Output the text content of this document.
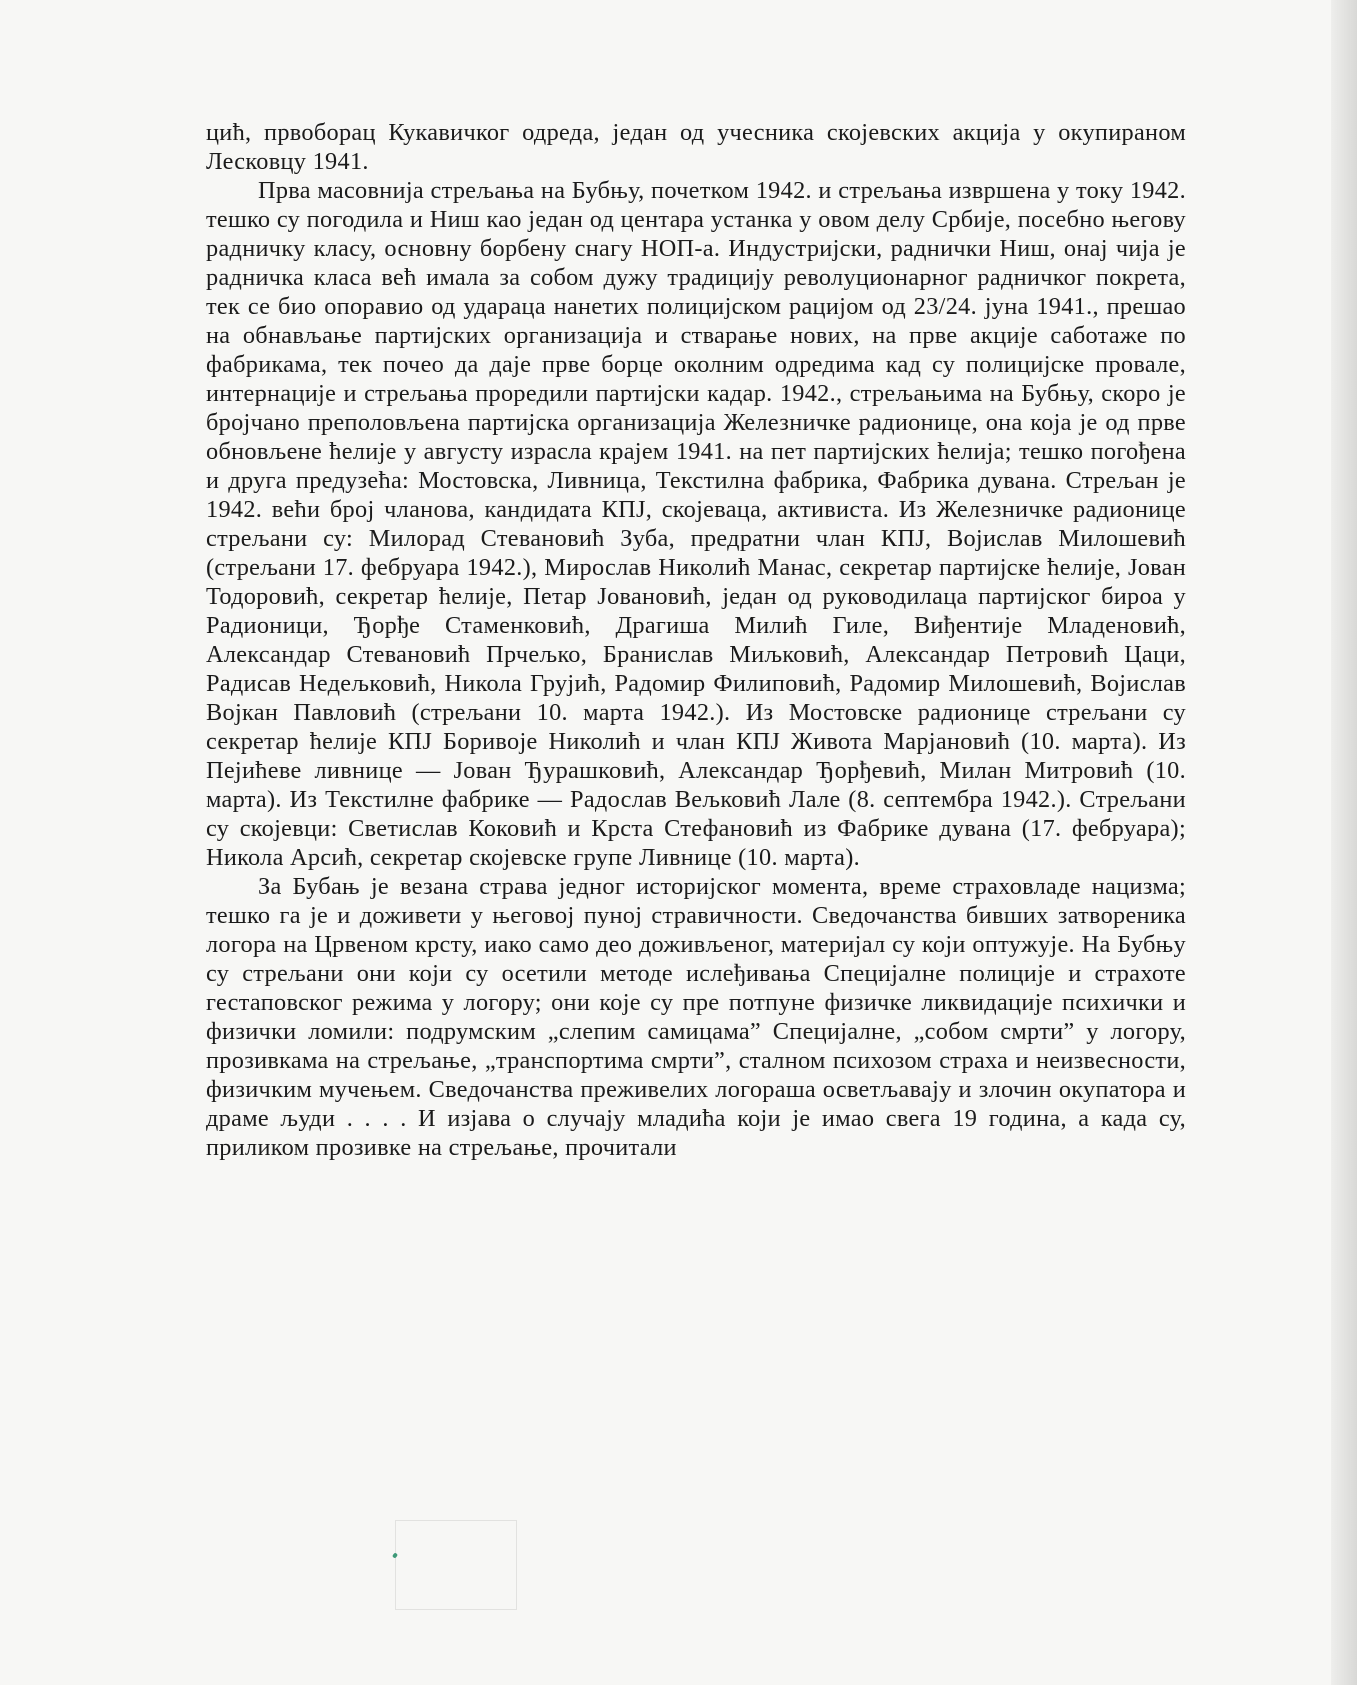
цић, првоборац Кукавичког одреда, један од учесника скојевских акција у окупираном Лесковцу 1941.

Прва масовнија стрељања на Бубњу, почетком 1942. и стрељања извршена у току 1942. тешко су погодила и Ниш као један од центара устанка у овом делу Србије, посебно његову радничку класу, основну борбену снагу НОП-а. Индустријски, раднички Ниш, онај чија је радничка класа већ имала за собом дужу традицију револуционарног радничког покрета, тек се био опоравио од удараца нанетих полицијском рацијом од 23/24. јуна 1941., прешао на обнављање партијских организација и стварање нових, на прве акције саботаже по фабрикама, тек почео да даје прве борце околним одредима кад су полицијске провале, интернације и стрељања проредили партијски кадар. 1942., стрељањима на Бубњу, скоро је бројчано преполовљена партијска организација Железничке радионице, она која је од прве обновљене ћелије у августу израсла крајем 1941. на пет партијских ћелија; тешко погођена и друга предузећа: Мостовска, Ливница, Текстилна фабрика, Фабрика дувана. Стрељан је 1942. већи број чланова, кандидата КПЈ, скојеваца, активиста. Из Железничке радионице стрељани су: Милорад Стевановић Зуба, предратни члан КПЈ, Војислав Милошевић (стрељани 17. фебруара 1942.), Мирослав Николић Манас, секретар партијске ћелије, Јован Тодоровић, секретар ћелије, Петар Јовановић, један од руководилаца партијског бироа у Радионици, Ђорђе Стаменковић, Драгиша Милић Гиле, Виђентије Младеновић, Александар Стевановић Прчељко, Бранислав Миљковић, Александар Петровић Цаци, Радисав Недељковић, Никола Грујић, Радомир Филиповић, Радомир Милошевић, Војислав Војкан Павловић (стрељани 10. марта 1942.). Из Мостовске радионице стрељани су секретар ћелије КПЈ Боривоје Николић и члан КПЈ Живота Марјановић (10. марта). Из Пејићеве ливнице — Јован Ђурашковић, Александар Ђорђевић, Милан Митровић (10. марта). Из Текстилне фабрике — Радослав Вељковић Лале (8. септембра 1942.). Стрељани су скојевци: Светислав Коковић и Крста Стефановић из Фабрике дувана (17. фебруара); Никола Арсић, секретар скојевске групе Ливнице (10. марта).

За Бубањ је везана страва једног историјског момента, време страховладе нацизма; тешко га је и доживети у његовој пуној стравичности. Сведочанства бивших затвореника логора на Црвеном крсту, иако само део доживљеног, материјал су који оптужује. На Бубњу су стрељани они који су осетили методе ислеђивања Специјалне полиције и страхоте гестаповског режима у логору; они које су пре потпуне физичке ликвидације психички и физички ломили: подрумским „слепим самицама” Специјалне, „собом смрти” у логору, прозивкама на стрељање, „транспортима смрти”, сталном психозом страха и неизвесности, физичким мучењем. Сведочанства преживелих логораша осветљавају и злочин окупатора и драме људи . . . . И изјава о случају младића који је имао свега 19 година, а када су, приликом прозивке на стрељање, прочитали
